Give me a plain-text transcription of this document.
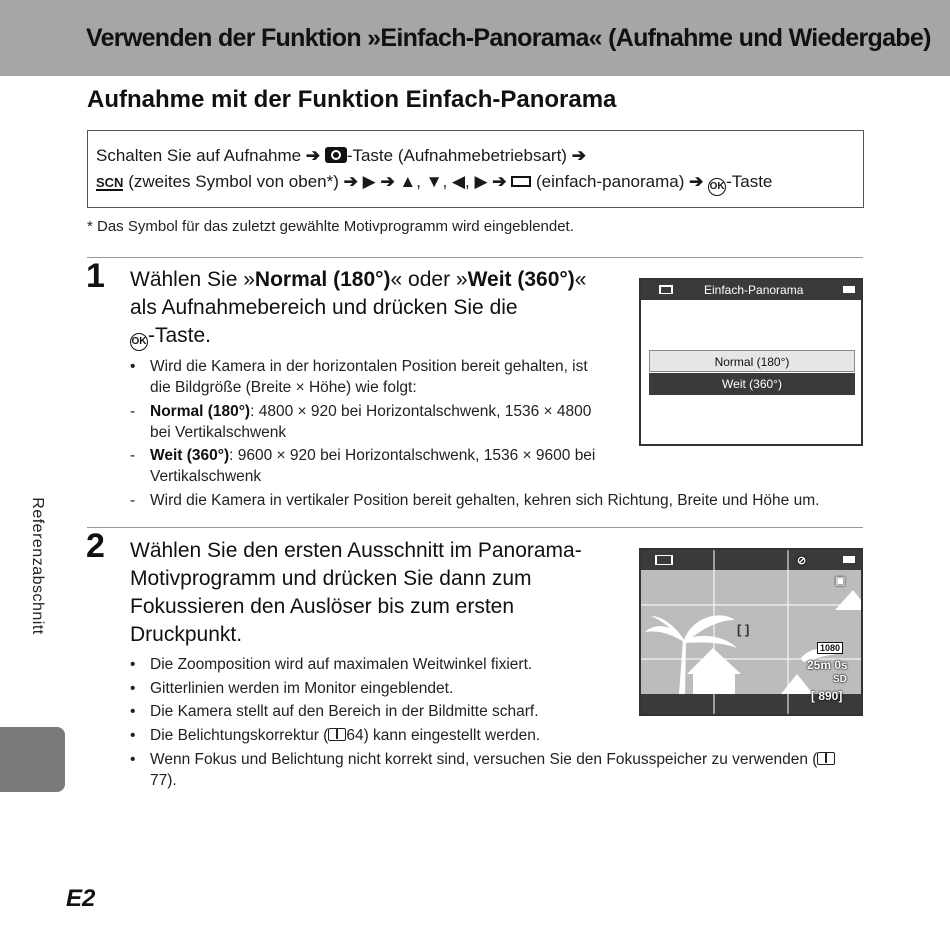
Verwenden der Funktion »Einfach-Panorama« (Aufnahme und Wiedergabe)
Aufnahme mit der Funktion Einfach-Panorama
Schalten Sie auf Aufnahme ➔ -Taste (Aufnahmebetriebsart) ➔
SCN (zweites Symbol von oben*) ➔ ▶ ➔ ▲, ▼, ◀, ▶ ➔ (einfach-panorama) ➔ OK-Taste
* Das Symbol für das zuletzt gewählte Motivprogramm wird eingeblendet.
1 Wählen Sie »Normal (180°)« oder »Weit (360°)«
als Aufnahmebereich und drücken Sie die
OK-Taste.
• Wird die Kamera in der horizontalen Position bereit gehalten, ist die Bildgröße (Breite × Höhe) wie folgt:
- Normal (180°): 4800 × 920 bei Horizontalschwenk, 1536 × 4800 bei Vertikalschwenk
- Weit (360°): 9600 × 920 bei Horizontalschwenk, 1536 × 9600 bei Vertikalschwenk
- Wird die Kamera in vertikaler Position bereit gehalten, kehren sich Richtung, Breite und Höhe um.
Einfach-Panorama
Normal (180°)
Weit (360°)
2 Wählen Sie den ersten Ausschnitt im Panorama-Motivprogramm und drücken Sie dann zum Fokussieren den Auslöser bis zum ersten Druckpunkt.
• Die Zoomposition wird auf maximalen Weitwinkel fixiert.
• Gitterlinien werden im Monitor eingeblendet.
• Die Kamera stellt auf den Bereich in der Bildmitte scharf.
• Die Belichtungskorrektur ( 64) kann eingestellt werden.
• Wenn Fokus und Belichtung nicht korrekt sind, versuchen Sie den Fokusspeicher zu verwenden (77).
⊘
▣
[ ]
1080
25m 0s
SD
[ 890]
Referenzabschnitt
E2
